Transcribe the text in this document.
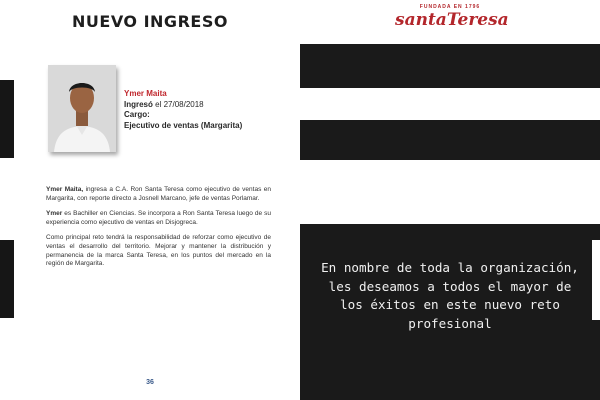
NUEVO INGRESO
Ymer Maita
Ingresó el 27/08/2018
Cargo:
Ejecutivo de ventas (Margarita)

Ymer Maita, ingresa a C.A. Ron Santa Teresa como ejecutivo de ventas en Margarita, con reporte directo a Josnell Marcano, jefe de ventas Porlamar.

Ymer es Bachiller en Ciencias. Se incorpora a Ron Santa Teresa luego de su experiencia como ejecutivo de ventas en Disjogreca.

Como principal reto tendrá la responsabilidad de reforzar como ejecutivo de ventas el desarrollo del territorio. Mejorar y mantener la distribución y permanencia de la marca Santa Teresa, en los puntos del mercado en la región de Margarita.

36
FUNDADA EN 1796
santaTeresa
En nombre de toda la organización, les deseamos a todos el mayor de los éxitos en este nuevo reto profesional
